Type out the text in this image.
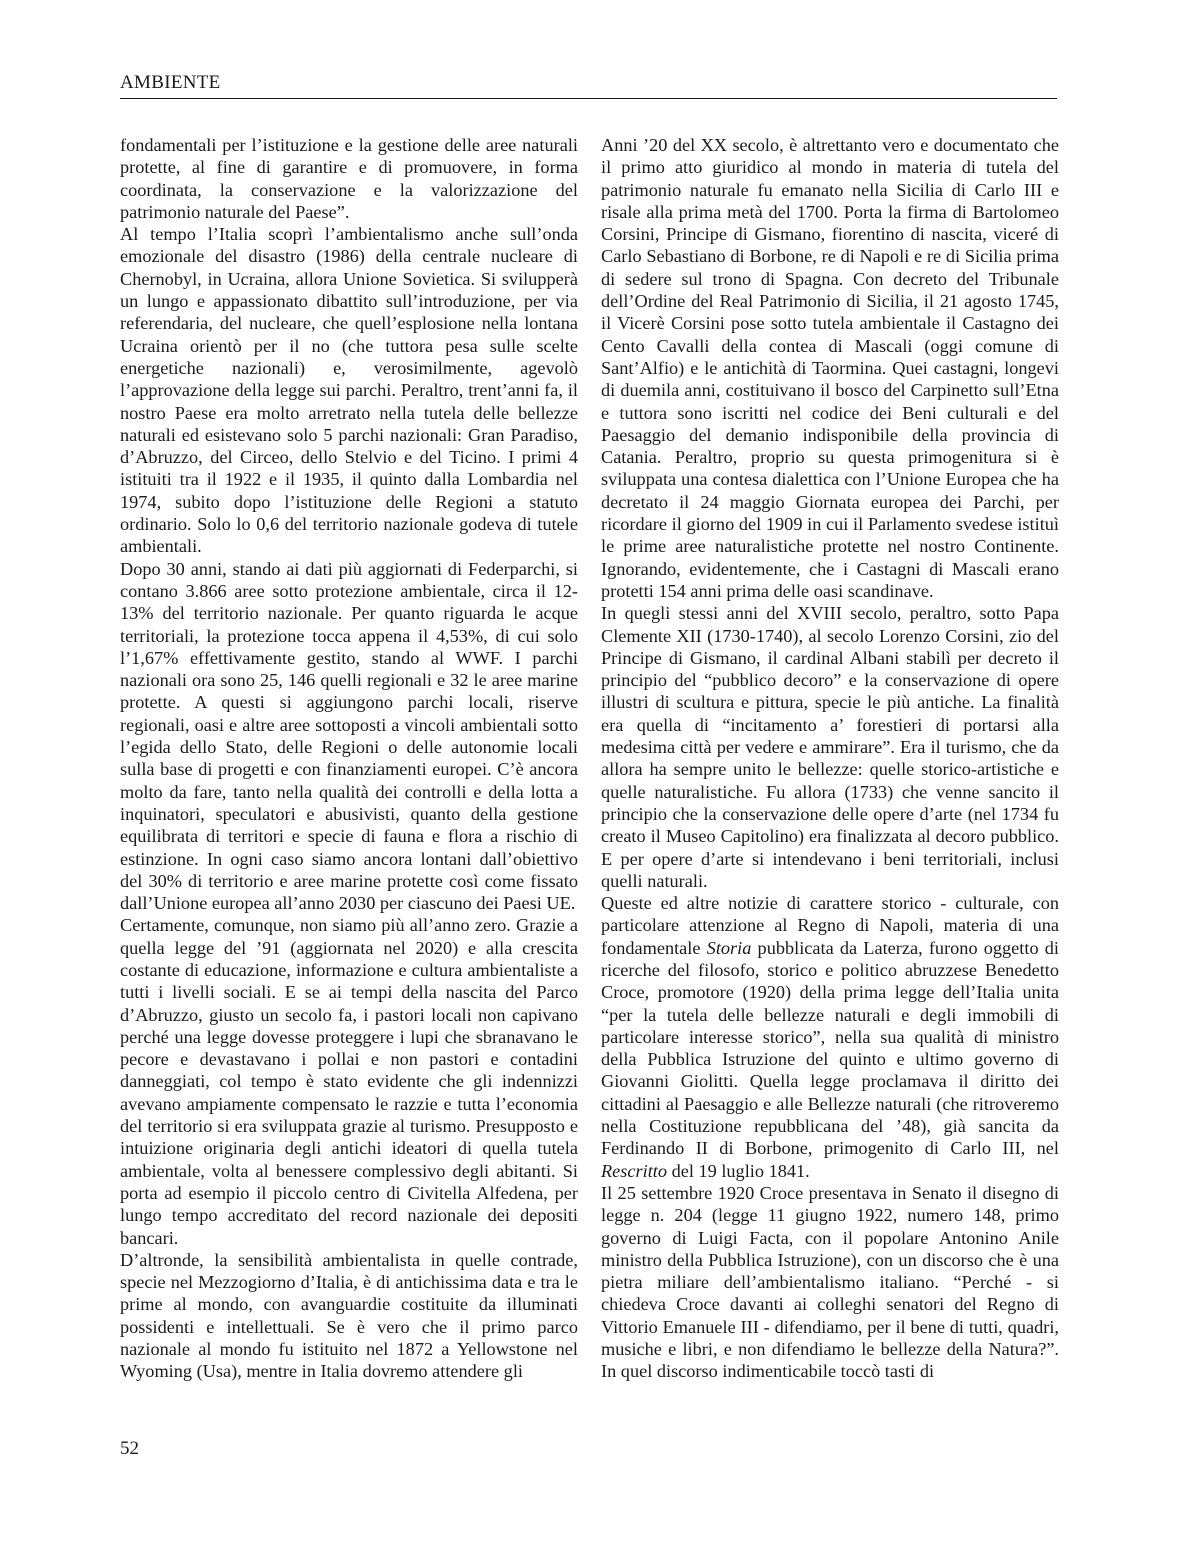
AMBIENTE

fondamentali per l’istituzione e la gestione delle aree naturali protette, al fine di garantire e di promuovere, in forma coordinata, la conservazione e la valorizzazione del patrimonio naturale del Paese”.

Al tempo l’Italia scoprì l’ambientalismo anche sull’onda emozionale del disastro (1986) della centrale nucleare di Chernobyl, in Ucraina, allora Unione Sovietica. Si svilupperà un lungo e appassionato dibattito sull’introduzione, per via referendaria, del nucleare, che quell’esplosione nella lontana Ucraina orientò per il no (che tuttora pesa sulle scelte energetiche nazionali) e, verosimilmente, agevolò l’approvazione della legge sui parchi. Peraltro, trent’anni fa, il nostro Paese era molto arretrato nella tutela delle bellezze naturali ed esistevano solo 5 parchi nazionali: Gran Paradiso, d’Abruzzo, del Circeo, dello Stelvio e del Ticino. I primi 4 istituiti tra il 1922 e il 1935, il quinto dalla Lombardia nel 1974, subito dopo l’istituzione delle Regioni a statuto ordinario. Solo lo 0,6 del territorio nazionale godeva di tutele ambientali.

Dopo 30 anni, stando ai dati più aggiornati di Federparchi, si contano 3.866 aree sotto protezione ambientale, circa il 12-13% del territorio nazionale. Per quanto riguarda le acque territoriali, la protezione tocca appena il 4,53%, di cui solo l’1,67% effettivamente gestito, stando al WWF. I parchi nazionali ora sono 25, 146 quelli regionali e 32 le aree marine protette. A questi si aggiungono parchi locali, riserve regionali, oasi e altre aree sottoposti a vincoli ambientali sotto l’egida dello Stato, delle Regioni o delle autonomie locali sulla base di progetti e con finanziamenti europei. C’è ancora molto da fare, tanto nella qualità dei controlli e della lotta a inquinatori, speculatori e abusivisti, quanto della gestione equilibrata di territori e specie di fauna e flora a rischio di estinzione. In ogni caso siamo ancora lontani dall’obiettivo del 30% di territorio e aree marine protette così come fissato dall’Unione europea all’anno 2030 per ciascuno dei Paesi UE.

Certamente, comunque, non siamo più all’anno zero. Grazie a quella legge del ’91 (aggiornata nel 2020) e alla crescita costante di educazione, informazione e cultura ambientaliste a tutti i livelli sociali. E se ai tempi della nascita del Parco d’Abruzzo, giusto un secolo fa, i pastori locali non capivano perché una legge dovesse proteggere i lupi che sbranavano le pecore e devastavano i pollai e non pastori e contadini danneggiati, col tempo è stato evidente che gli indennizzi avevano ampiamente compensato le razzie e tutta l’economia del territorio si era sviluppata grazie al turismo. Presupposto e intuizione originaria degli antichi ideatori di quella tutela ambientale, volta al benessere complessivo degli abitanti. Si porta ad esempio il piccolo centro di Civitella Alfedena, per lungo tempo accreditato del record nazionale dei depositi bancari.

D’altronde, la sensibilità ambientalista in quelle contrade, specie nel Mezzogiorno d’Italia, è di antichissima data e tra le prime al mondo, con avanguardie costituite da illuminati possidenti e intellettuali. Se è vero che il primo parco nazionale al mondo fu istituito nel 1872 a Yellowstone nel Wyoming (Usa), mentre in Italia dovremo attendere gli

Anni ’20 del XX secolo, è altrettanto vero e documentato che il primo atto giuridico al mondo in materia di tutela del patrimonio naturale fu emanato nella Sicilia di Carlo III e risale alla prima metà del 1700. Porta la firma di Bartolomeo Corsini, Principe di Gismano, fiorentino di nascita, viceré di Carlo Sebastiano di Borbone, re di Napoli e re di Sicilia prima di sedere sul trono di Spagna. Con decreto del Tribunale dell’Ordine del Real Patrimonio di Sicilia, il 21 agosto 1745, il Vicerè Corsini pose sotto tutela ambientale il Castagno dei Cento Cavalli della contea di Mascali (oggi comune di Sant’Alfio) e le antichità di Taormina. Quei castagni, longevi di duemila anni, costituivano il bosco del Carpinetto sull’Etna e tuttora sono iscritti nel codice dei Beni culturali e del Paesaggio del demanio indisponibile della provincia di Catania. Peraltro, proprio su questa primogenitura si è sviluppata una contesa dialettica con l’Unione Europea che ha decretato il 24 maggio Giornata europea dei Parchi, per ricordare il giorno del 1909 in cui il Parlamento svedese istituì le prime aree naturalistiche protette nel nostro Continente. Ignorando, evidentemente, che i Castagni di Mascali erano protetti 154 anni prima delle oasi scandinave.

In quegli stessi anni del XVIII secolo, peraltro, sotto Papa Clemente XII (1730-1740), al secolo Lorenzo Corsini, zio del Principe di Gismano, il cardinal Albani stabilì per decreto il principio del “pubblico decoro” e la conservazione di opere illustri di scultura e pittura, specie le più antiche. La finalità era quella di “incitamento a’ forestieri di portarsi alla medesima città per vedere e ammirare”. Era il turismo, che da allora ha sempre unito le bellezze: quelle storico-artistiche e quelle naturalistiche. Fu allora (1733) che venne sancito il principio che la conservazione delle opere d’arte (nel 1734 fu creato il Museo Capitolino) era finalizzata al decoro pubblico. E per opere d’arte si intendevano i beni territoriali, inclusi quelli naturali.

Queste ed altre notizie di carattere storico - culturale, con particolare attenzione al Regno di Napoli, materia di una fondamentale Storia pubblicata da Laterza, furono oggetto di ricerche del filosofo, storico e politico abruzzese Benedetto Croce, promotore (1920) della prima legge dell’Italia unita “per la tutela delle bellezze naturali e degli immobili di particolare interesse storico”, nella sua qualità di ministro della Pubblica Istruzione del quinto e ultimo governo di Giovanni Giolitti. Quella legge proclamava il diritto dei cittadini al Paesaggio e alle Bellezze naturali (che ritroveremo nella Costituzione repubblicana del ’48), già sancita da Ferdinando II di Borbone, primogenito di Carlo III, nel Rescritto del 19 luglio 1841.

Il 25 settembre 1920 Croce presentava in Senato il disegno di legge n. 204 (legge 11 giugno 1922, numero 148, primo governo di Luigi Facta, con il popolare Antonino Anile ministro della Pubblica Istruzione), con un discorso che è una pietra miliare dell’ambientalismo italiano. “Perché - si chiedeva Croce davanti ai colleghi senatori del Regno di Vittorio Emanuele III - difendiamo, per il bene di tutti, quadri, musiche e libri, e non difendiamo le bellezze della Natura?”. In quel discorso indimenticabile toccò tasti di

52
